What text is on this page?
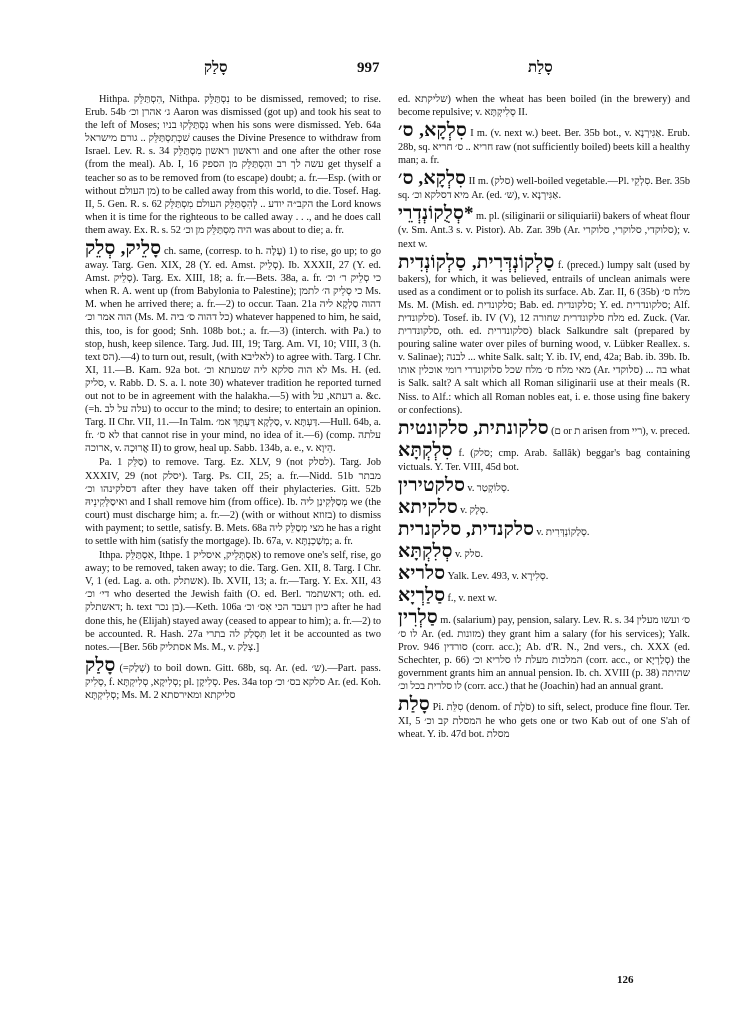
סָלַק	997	סָלַת

Hithpa. הִסְתַּלֵּק, Nithpa. נִסְתַּלֵּק to be dismissed, removed; to rise. Erub. 54b ג׳ אהרן וכ׳ Aaron was dismissed (got up) and took his seat to the left of Moses; נִסְתַּלְּקוּ בניו when his sons were dismissed. Yeb. 64a שׁכְּתִסְתַּלֵּק .. גורם מישראל causes the Divine Presence to withdraw from Israel. Lev. R. s. 34 וראשון ראשון מִסְתַּלֵּק and one after the other rose (from the meal). Ab. I, 16 עשה לך רב והִסְתַּלֵּק מן הספק get thyself a teacher so as to be removed from (to escape) doubt; a. fr.—Esp. (with or without מן העולם) to be called away from this world, to die. Tosef. Hag. II, 5. Gen. R. s. 62 הקב״ה יודע .. לְהִסְתַּלֵּק העולם מִסְתַּלֵּק the Lord knows when it is time for the righteous to be called away . . ., and he does call them away. Ex. R. s. 52 היה מִסְתַּלֵּק מן וכ׳ was about to die; a. fr.

סָלֵיק, סְלֵק ch. same, (corresp. to h. עָלָה) 1) to rise, go up; to go away. Targ. Gen. XIX, 28 (Y. ed. Amst. סְלֵיק). Ib. XXXII, 27 (Y. ed. Amst. סְלֵיק). Targ. Ex. XIII, 18; a. fr.—Bets. 38a, a. fr. כי סְלֵיק ר׳ וכ׳ when R. A. went up (from Babylonia to Palestine); כי סְלֵיק ה׳ לתמן Ms. M. when he arrived there; a. fr.—2) to occur. Taan. 21a דהוה סַלְקָא ליה הוה אמר וכ׳ (Ms. M. כל דהוה ס׳ ביה) whatever happened to him, he said, this, too, is for good; Snh. 108b bot.; a. fr.—3) (interch. with Pa.) to stop, hush, keep silence. Targ. Jud. III, 19; Targ. Am. VI, 10; VIII, 3 (h. text הס).—4) to turn out, result, (with לאליבא) to agree with. Targ. I Chr. XI, 11.—B. Kam. 92a bot. לא הוה סלקא ליה שמעתא וכ׳ Ms. H. (ed. סליק, v. Rabb. D. S. a. l. note 30) whatever tradition he reported turned out not to be in agreement with the halakha.—5) with דעתא, על a. &c. (=h. עלה על לב) to occur to the mind; to desire; to entertain an opinion. Targ. II Chr. VII, 11.—In Talm. סַלְקָא דַּעְתָּךְ אמ׳, v. דַּעְתָּא.—Hull. 64b, a. fr. לא ס׳ that cannot rise in your mind, no idea of it.—6) (comp. עלתה ארוכה, v. אֲרוּכָה II) to grow, heal up. Sabb. 134b, a. e., v. הֵיוָא.

Pa. סַלֵּק 1) to remove. Targ. Ez. XLV, 9 (not לסלק). Targ. Job XXXIV, 29 (not יסלק). Targ. Ps. CII, 25; a. fr.—Nidd. 51b מבתר דסלקינהו וכ׳ after they have taken off their phylacteries. Gitt. 52b ואיסַלְּקִינֵיהּ and I shall remove him (from office). Ib. מְסַלְּקִינַן ליה we (the court) must discharge him; a. fr.—2) (with or without בזוזא) to dismiss with payment; to settle, satisfy. B. Mets. 68a מצי מְסַלֵּק ליה he has a right to settle with him (satisfy the mortgage). Ib. 67a, v. מְשַׁכְנְתָּא; a. fr.

Ithpa. אִסְתַּלֵּק, Ithpe. אִסְתְּלֵיק, איסליק 1) to remove one's self, rise, go away; to be removed, taken away; to die. Targ. Gen. XII, 8. Targ. I Chr. V, 1 (ed. Lag. a. oth. אשתלק). Ib. XVII, 13; a. fr.—Targ. Y. Ex. XII, 43 די׳ וכ׳ who deserted the Jewish faith (O. ed. Berl. דאשתמד; oth. ed. דאשתלק; h. text בן נכר).—Keth. 106a כיון דעבד הכי אִס׳ וכ׳ after he had done this, he (Elijah) stayed away (ceased to appear to him); a. fr.—2) to be accounted. R. Hash. 27a תִּסְלַק לה בתרי let it be accounted as two notes.—[Ber. 56b אסתליק Ms. M., v. צְלַק.]

סָלַק (=שְׁלַק) to boil down. Gitt. 68b, sq. Ar. (ed. ש׳).—Part. pass. סְלִיק, f. סְלִיקָא, סְלִיקְתָּא; pl. סְלִיקָן. Pes. 34a top סלקא בס׳ וכ׳ Ar. (ed. Koh. סְלִיקְתָּא; Ms. M. 2 סליקתא ומאירסתא

ed. שליקתא) when the wheat has been boiled (in the brewery) and become repulsive; v. סְלִיקְתָּא II.

סִלְקָא, ס׳ I m. (v. next w.) beet. Ber. 35b bot., v. אַגִּירְנָא. Erub. 28b, sq. חריא .. ס׳ חריא raw (not sufficiently boiled) beets kill a healthy man; a. fr.

סִלְקָא, ס׳ II m. (סלק) well-boiled vegetable.—Pl. סִלְקֵי. Ber. 35b sq. מיא דסלקא וכ׳ Ar. (ed. ש׳), v. אַגִּירְנָא.

*סְלֻקוֹנְדְרֵי m. pl. (siliginarii or siliquiarii) bakers of wheat flour (v. Sm. Ant.3 s. v. Pistor). Ab. Zar. 39b (Ar. סלוקדי, סלוקרי, סלוקרי); v. next w.

סַלְקוֹנְדְּרִית, סַלְקוֹנְדִית f. (preced.) lumpy salt (used by bakers), for which, it was believed, entrails of unclean animals were used as a condiment or to polish its surface. Ab. Zar. II, 6 (35b) מלח ס׳ Ms. M. (Mish. ed. סלקונדית; Bab. ed. סלקונדית; Y. ed. סלקונדרית; Alf. סלקונדית). Tosef. ib. IV (V), 12 מלח סלקונדרית שחורה ed. Zuck. (Var. סלקונדרית, oth. ed. סלקונדרית) black Salkundre salt (prepared by pouring saline water over piles of burning wood, v. Lübker Reallex. s. v. Salinae); לבנה ... white Salk. salt; Y. ib. IV, end, 42a; Bab. ib. 39b. Ib. מאי מלח ס׳ מלח שכל סלוקונדרי רומי אוכלין אותו (Ar. סלוקדי) ... בה what is Salk. salt? A salt which all Roman siliginarii use at their meals (R. Niss. to Alf.: which all Roman nobles eat, i. e. those using fine bakery or confections).

סלקונתית, סלקונטית (ם or ת arisen from ריי), v. preced.

סִלְקְתָּא f. (סלק; cmp. Arab. šallâk) beggar's bag containing victuals. Y. Ter. VIII, 45d bot.

סלקטירין v. סְלוֹקְטַר.

סלקיתא v. סְלָק.

סלקנדית, סלקנרית v. סְלַקוֹנְדְּרִית.

סְלִקְתָּא v. סלק.

סלריא Yalk. Lev. 493, v. סְלִירָא.

סַלַרְיָא f., v. next w.

סַלְרִין m. (salarium) pay, pension, salary. Lev. R. s. 34 ס׳ ועשו מעלין לו ס׳ Ar. (ed. מזונות) they grant him a salary (for his services); Yalk. Prov. 946 סורדין (corr. acc.); Ab. d'R. N., 2nd vers., ch. XXX (ed. Schechter, p. 66) המלכות מעלת לו סלריא וכ׳ (corr. acc., or סְלַרְיָא) the government grants him an annual pension. Ib. ch. XVIII (p. 38) שהיתה לו סלרית בכל וכ׳ (corr. acc.) that he (Joachin) had an annual grant.

סָלַת Pi. סִלֵּת (denom. of סֹלֶת) to sift, select, produce fine flour. Ter. XI, 5 המסלת קב וכ׳ he who gets one or two Kab out of one S'ah of wheat. Y. ib. 47d bot. מסלת

126
